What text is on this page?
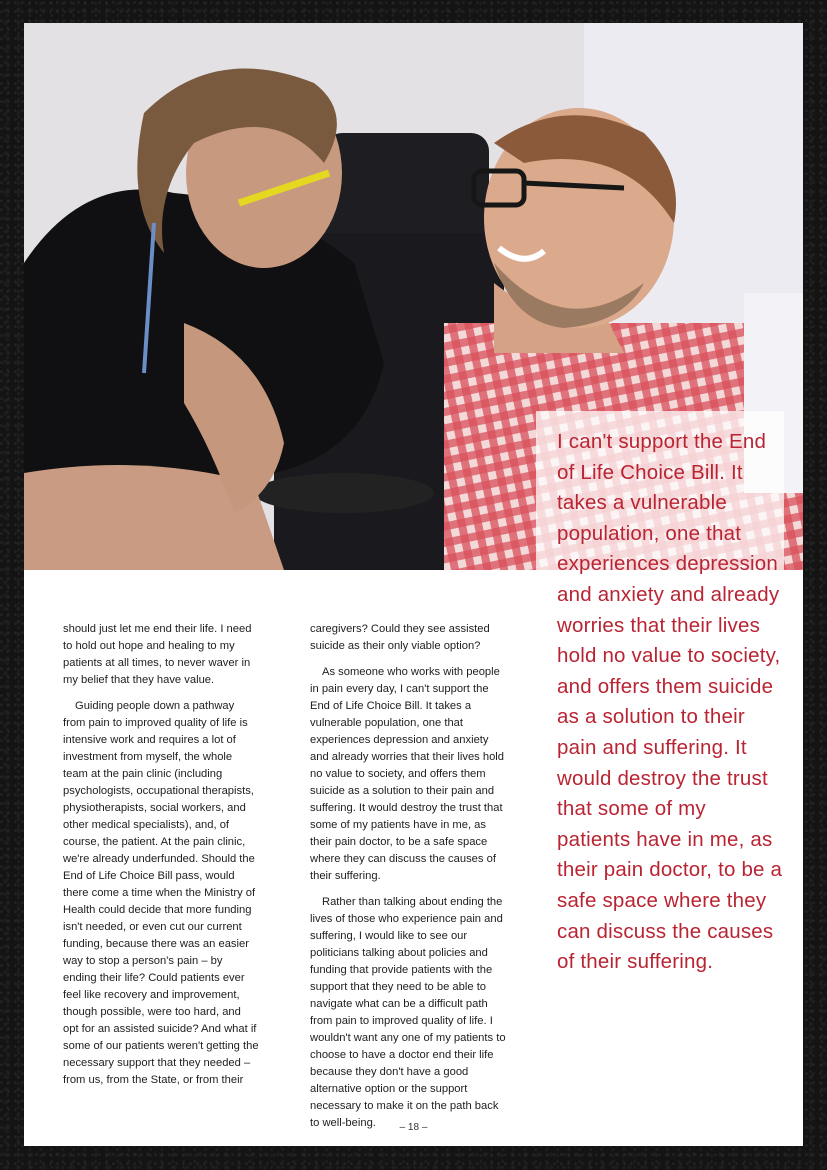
should just let me end their life. I need to hold out hope and healing to my patients at all times, to never waver in my belief that they have value.

Guiding people down a pathway from pain to improved quality of life is intensive work and requires a lot of investment from myself, the whole team at the pain clinic (including psychologists, occupational therapists, physiotherapists, social workers, and other medical specialists), and, of course, the patient. At the pain clinic, we're already underfunded. Should the End of Life Choice Bill pass, would there come a time when the Ministry of Health could decide that more funding isn't needed, or even cut our current funding, because there was an easier way to stop a person's pain – by ending their life? Could patients ever feel like recovery and improvement, though possible, were too hard, and opt for an assisted suicide? And what if some of our patients weren't getting the necessary support that they needed – from us, from the State, or from their

caregivers? Could they see assisted suicide as their only viable option?

As someone who works with people in pain every day, I can't support the End of Life Choice Bill. It takes a vulnerable population, one that experiences depression and anxiety and already worries that their lives hold no value to society, and offers them suicide as a solution to their pain and suffering. It would destroy the trust that some of my patients have in me, as their pain doctor, to be a safe space where they can discuss the causes of their suffering.

Rather than talking about ending the lives of those who experience pain and suffering, I would like to see our politicians talking about policies and funding that provide patients with the support that they need to be able to navigate what can be a difficult path from pain to improved quality of life. I wouldn't want any one of my patients to choose to have a doctor end their life because they don't have a good alternative option or the support necessary to make it on the path back to well-being.

I can't support the End of Life Choice Bill. It takes a vulnerable population, one that experiences depression and anxiety and already worries that their lives hold no value to society, and offers them suicide as a solution to their pain and suffering. It would destroy the trust that some of my patients have in me, as their pain doctor, to be a safe space where they can discuss the causes of their suffering.
– 18 –
